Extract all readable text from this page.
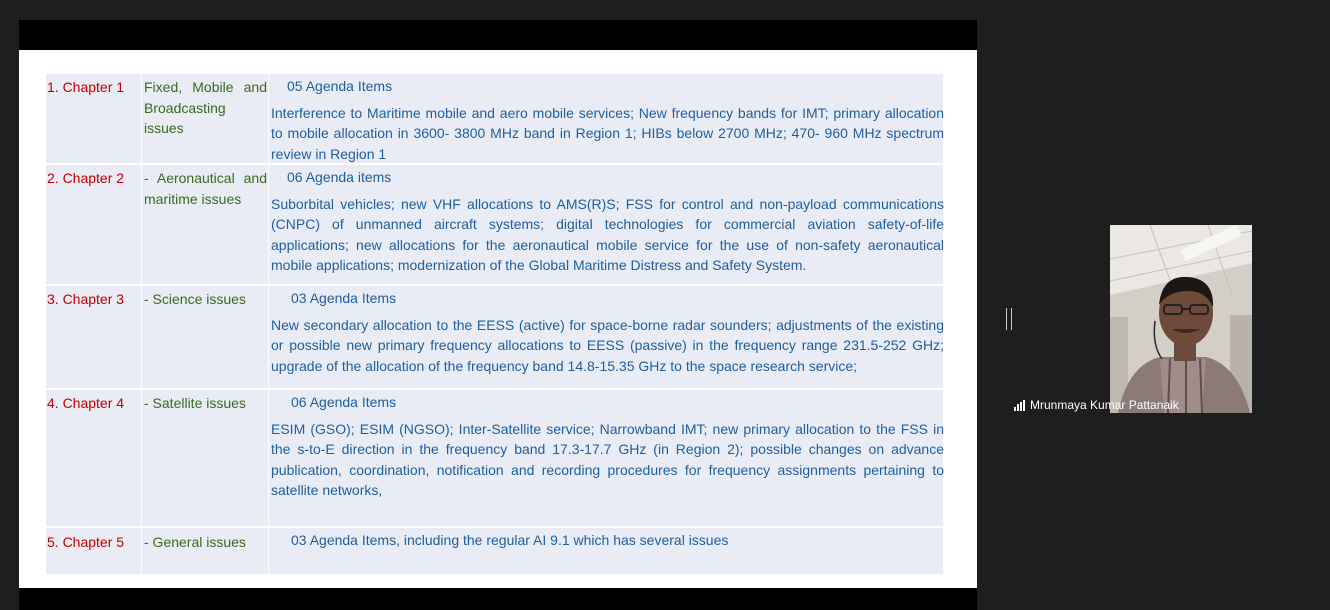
1. Chapter 1	Fixed, Mobile and Broadcasting issues
05 Agenda Items
Interference to Maritime mobile and aero mobile services; New frequency bands for IMT; primary allocation to mobile allocation in 3600- 3800 MHz band in Region 1; HIBs below 2700 MHz; 470- 960 MHz spectrum review in Region 1
2. Chapter 2	- Aeronautical and maritime issues
06 Agenda items
Suborbital vehicles; new VHF allocations to AMS(R)S; FSS for control and non-payload communications (CNPC) of unmanned aircraft systems; digital technologies for commercial aviation safety-of-life applications; new allocations for the aeronautical mobile service for the use of non-safety aeronautical mobile applications; modernization of the Global Maritime Distress and Safety System.
3. Chapter 3	- Science issues	03 Agenda Items
New secondary allocation to the EESS (active) for space-borne radar sounders; adjustments of the existing or possible new primary frequency allocations to EESS (passive) in the frequency range 231.5-252 GHz; upgrade of the allocation of the frequency band 14.8-15.35 GHz to the space research service;
4. Chapter 4	- Satellite issues	06 Agenda Items
ESIM (GSO); ESIM (NGSO); Inter-Satellite service; Narrowband IMT; new primary allocation to the FSS in the s-to-E direction in the frequency band 17.3-17.7 GHz (in Region 2); possible changes on advance publication, coordination, notification and recording procedures for frequency assignments pertaining to satellite networks,
5. Chapter 5	- General issues	03 Agenda Items, including the regular AI 9.1 which has several issues
Mrunmaya Kumar Pattanaik
